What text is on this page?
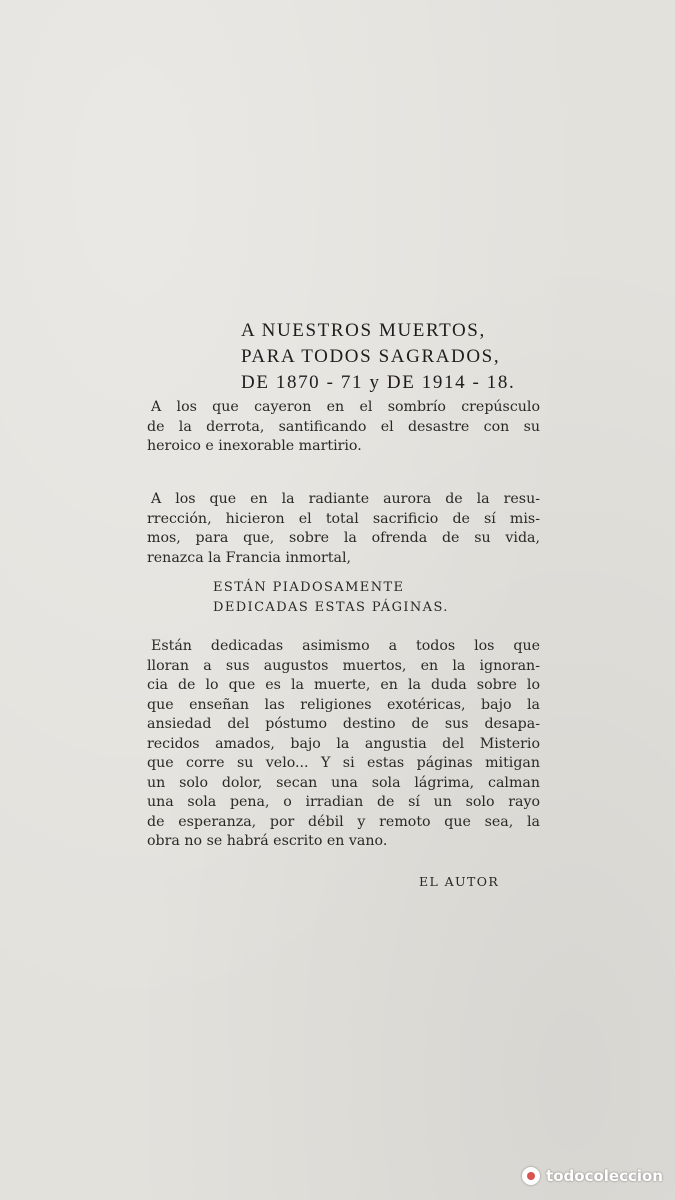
A NUESTROS MUERTOS,
PARA TODOS SAGRADOS,
DE 1870 - 71 y DE 1914 - 18.
A los que cayeron en el sombrío crepúsculo
de la derrota, santificando el desastre con su
heroico e inexorable martirio.
A los que en la radiante aurora de la resu-
rrección, hicieron el total sacrificio de sí mis-
mos, para que, sobre la ofrenda de su vida,
renazca la Francia inmortal,
ESTÁN PIADOSAMENTE
DEDICADAS ESTAS PÁGINAS.
Están dedicadas asimismo a todos los que
lloran a sus augustos muertos, en la ignoran-
cia de lo que es la muerte, en la duda sobre lo
que enseñan las religiones exotéricas, bajo la
ansiedad del póstumo destino de sus desapa-
recidos amados, bajo la angustia del Misterio
que corre su velo... Y si estas páginas mitigan
un solo dolor, secan una sola lágrima, calman
una sola pena, o irradian de sí un solo rayo
de esperanza, por débil y remoto que sea, la
obra no se habrá escrito en vano.
EL AUTOR
todocoleccion
